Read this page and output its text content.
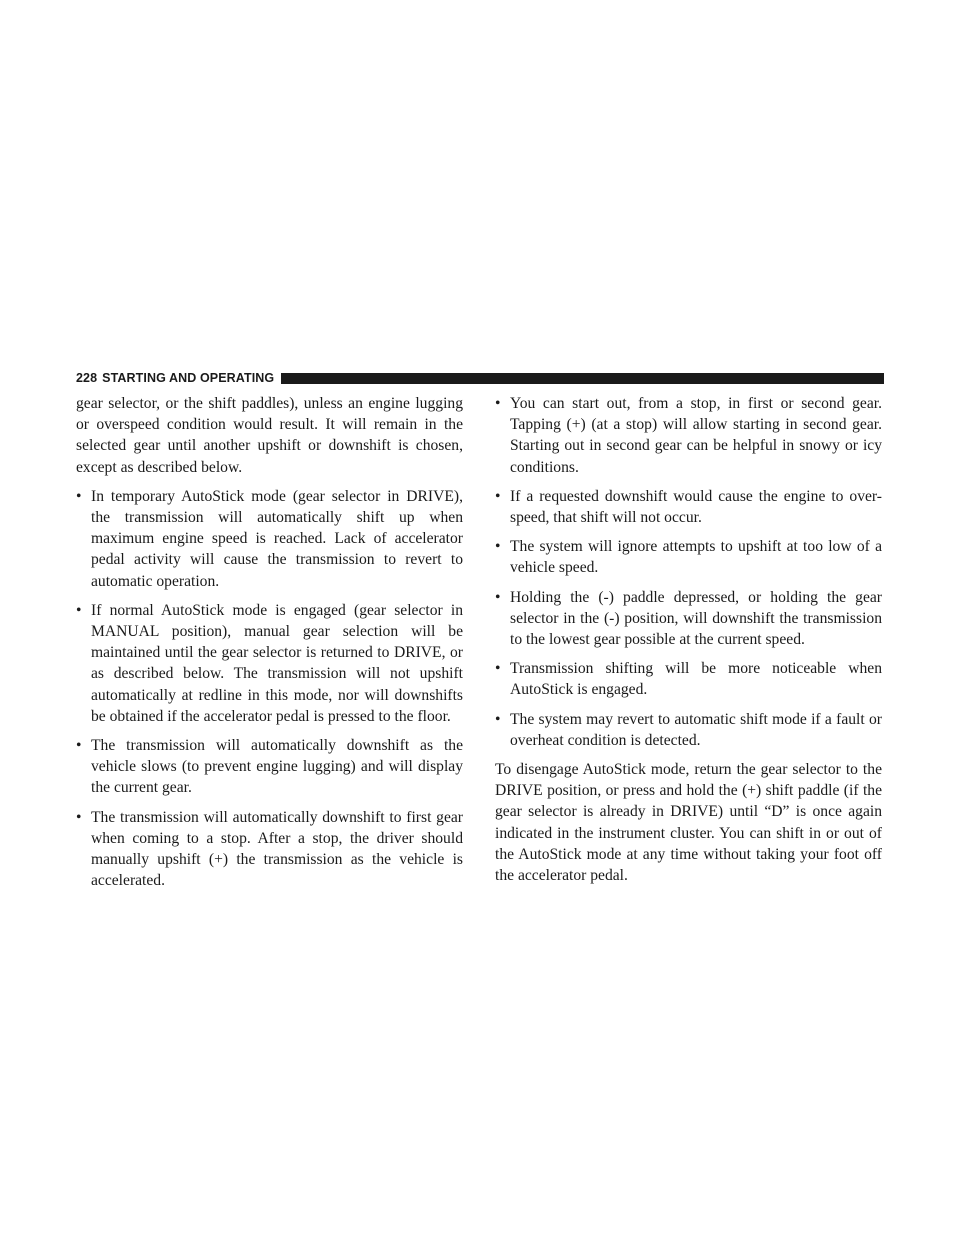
228 STARTING AND OPERATING

gear selector, or the shift paddles), unless an engine lugging or overspeed condition would result. It will remain in the selected gear until another upshift or downshift is chosen, except as described below.

• In temporary AutoStick mode (gear selector in DRIVE), the transmission will automatically shift up when maximum engine speed is reached. Lack of accelerator pedal activity will cause the transmission to revert to automatic operation.
• If normal AutoStick mode is engaged (gear selector in MANUAL position), manual gear selection will be maintained until the gear selector is returned to DRIVE, or as described below. The transmission will not upshift automatically at redline in this mode, nor will downshifts be obtained if the accelerator pedal is pressed to the floor.
• The transmission will automatically downshift as the vehicle slows (to prevent engine lugging) and will display the current gear.
• The transmission will automatically downshift to first gear when coming to a stop. After a stop, the driver should manually upshift (+) the transmission as the vehicle is accelerated.
• You can start out, from a stop, in first or second gear. Tapping (+) (at a stop) will allow starting in second gear. Starting out in second gear can be helpful in snowy or icy conditions.
• If a requested downshift would cause the engine to over-speed, that shift will not occur.
• The system will ignore attempts to upshift at too low of a vehicle speed.
• Holding the (-) paddle depressed, or holding the gear selector in the (-) position, will downshift the transmission to the lowest gear possible at the current speed.
• Transmission shifting will be more noticeable when AutoStick is engaged.
• The system may revert to automatic shift mode if a fault or overheat condition is detected.

To disengage AutoStick mode, return the gear selector to the DRIVE position, or press and hold the (+) shift paddle (if the gear selector is already in DRIVE) until “D” is once again indicated in the instrument cluster. You can shift in or out of the AutoStick mode at any time without taking your foot off the accelerator pedal.
